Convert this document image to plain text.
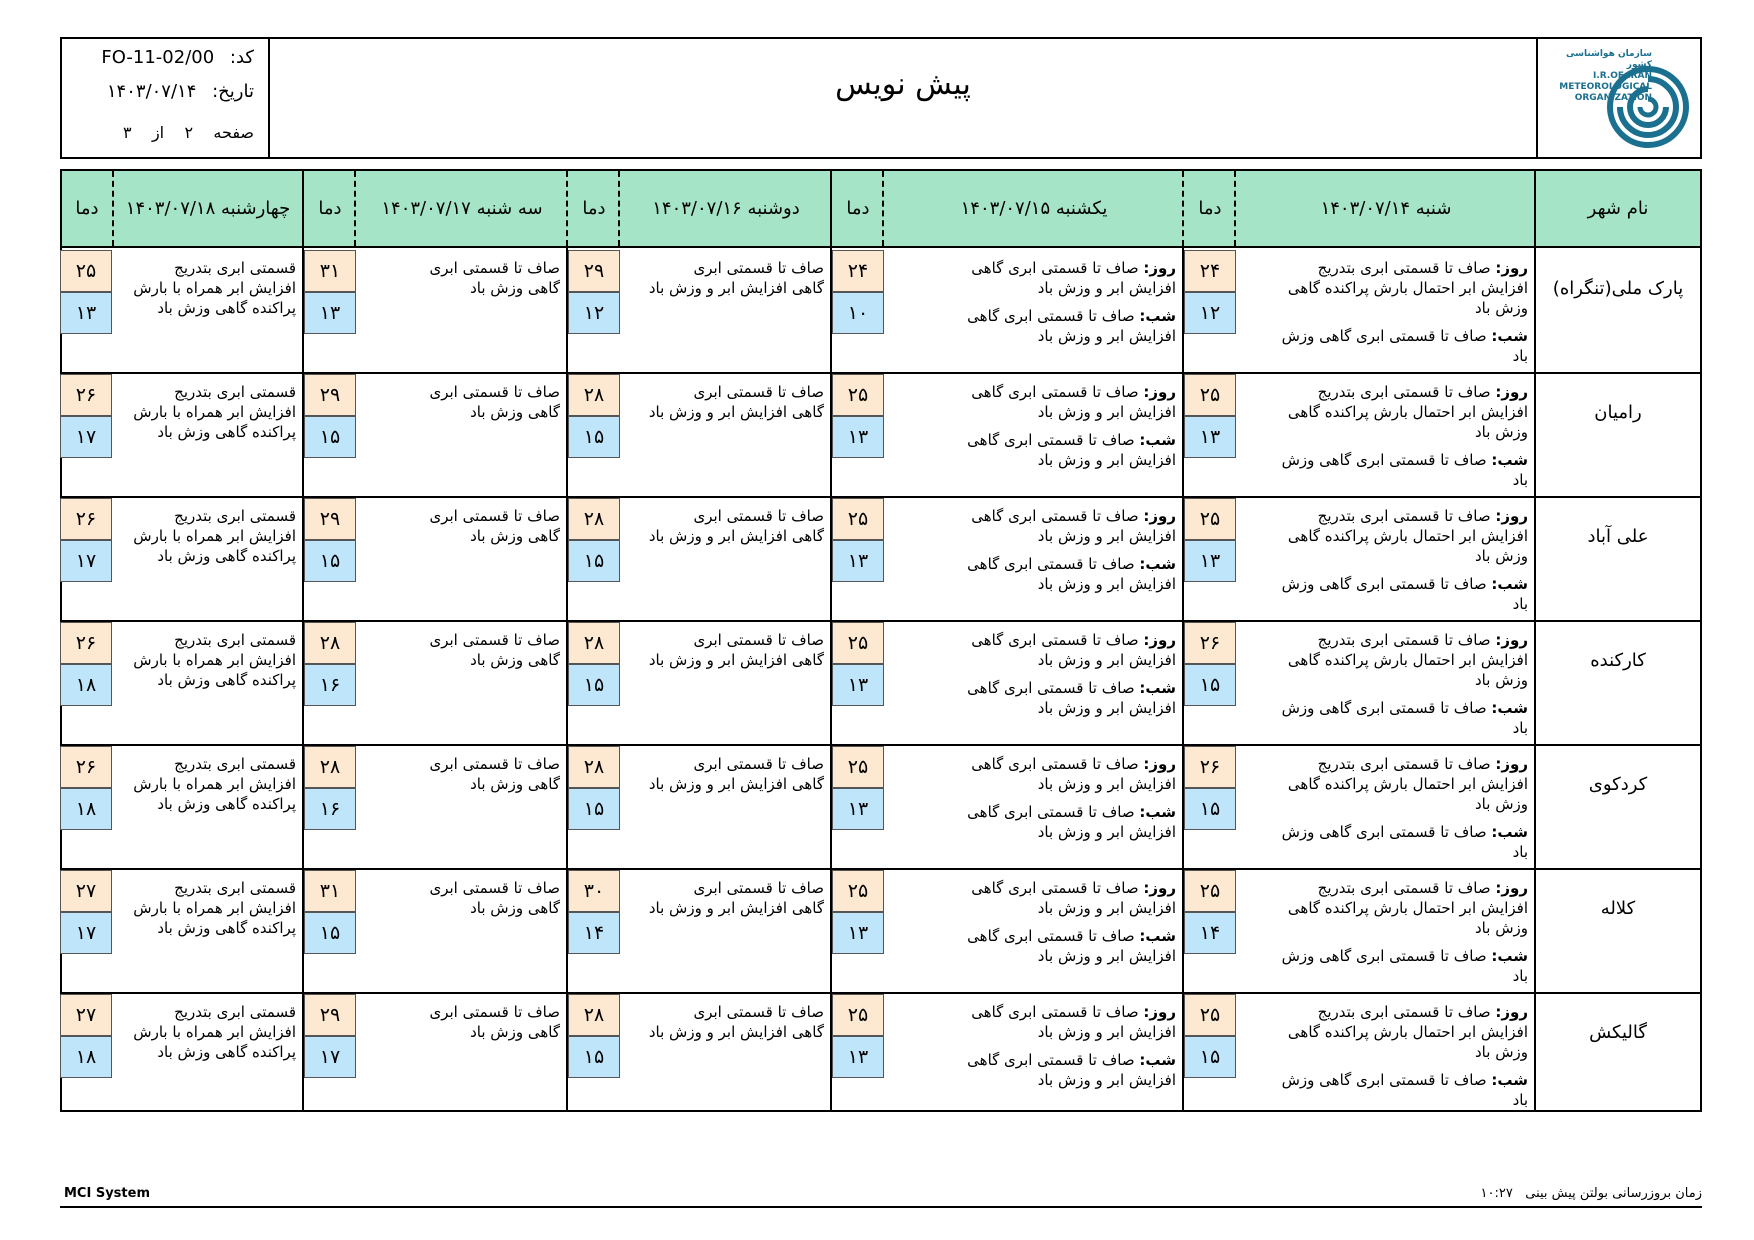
کد: FO-11-02/00
تاریخ: ۱۴۰۳/۰۷/۱۴
صفحه    ۲    از    ۳
پیش نویس
سازمان هواشناسی کشور
I.R.OF IRAN
METEOROLOGICAL
ORGANIZATION
نام شهر
شنبه ۱۴۰۳/۰۷/۱۴
دما
یکشنبه ۱۴۰۳/۰۷/۱۵
دما
دوشنبه ۱۴۰۳/۰۷/۱۶
دما
سه شنبه ۱۴۰۳/۰۷/۱۷
دما
چهارشنبه ۱۴۰۳/۰۷/۱۸
دما
پارک ملی(تنگراه)
روز: صاف تا قسمتی ابری بتدریج
افزایش ابر احتمال بارش پراکنده گاهی
وزش باد
شب: صاف تا قسمتی ابری گاهی وزش
باد
روز: صاف تا قسمتی ابری گاهی
افزایش ابر و وزش باد
شب: صاف تا قسمتی ابری گاهی
افزایش ابر و وزش باد
صاف تا قسمتی ابری
گاهی افزایش ابر و وزش باد
صاف تا قسمتی ابری
گاهی وزش باد
قسمتی ابری بتدریج
افزایش ابر همراه با بارش
پراکنده گاهی وزش باد
۲۴
۱۲
۲۴
۱۰
۲۹
۱۲
۳۱
۱۳
۲۵
۱۳
رامیان
روز: صاف تا قسمتی ابری بتدریج
افزایش ابر احتمال بارش پراکنده گاهی
وزش باد
شب: صاف تا قسمتی ابری گاهی وزش
باد
روز: صاف تا قسمتی ابری گاهی
افزایش ابر و وزش باد
شب: صاف تا قسمتی ابری گاهی
افزایش ابر و وزش باد
صاف تا قسمتی ابری
گاهی افزایش ابر و وزش باد
صاف تا قسمتی ابری
گاهی وزش باد
قسمتی ابری بتدریج
افزایش ابر همراه با بارش
پراکنده گاهی وزش باد
۲۵
۱۳
۲۵
۱۳
۲۸
۱۵
۲۹
۱۵
۲۶
۱۷
علی آباد
روز: صاف تا قسمتی ابری بتدریج
افزایش ابر احتمال بارش پراکنده گاهی
وزش باد
شب: صاف تا قسمتی ابری گاهی وزش
باد
روز: صاف تا قسمتی ابری گاهی
افزایش ابر و وزش باد
شب: صاف تا قسمتی ابری گاهی
افزایش ابر و وزش باد
صاف تا قسمتی ابری
گاهی افزایش ابر و وزش باد
صاف تا قسمتی ابری
گاهی وزش باد
قسمتی ابری بتدریج
افزایش ابر همراه با بارش
پراکنده گاهی وزش باد
۲۵
۱۳
۲۵
۱۳
۲۸
۱۵
۲۹
۱۵
۲۶
۱۷
کارکنده
روز: صاف تا قسمتی ابری بتدریج
افزایش ابر احتمال بارش پراکنده گاهی
وزش باد
شب: صاف تا قسمتی ابری گاهی وزش
باد
روز: صاف تا قسمتی ابری گاهی
افزایش ابر و وزش باد
شب: صاف تا قسمتی ابری گاهی
افزایش ابر و وزش باد
صاف تا قسمتی ابری
گاهی افزایش ابر و وزش باد
صاف تا قسمتی ابری
گاهی وزش باد
قسمتی ابری بتدریج
افزایش ابر همراه با بارش
پراکنده گاهی وزش باد
۲۶
۱۵
۲۵
۱۳
۲۸
۱۵
۲۸
۱۶
۲۶
۱۸
کردکوی
روز: صاف تا قسمتی ابری بتدریج
افزایش ابر احتمال بارش پراکنده گاهی
وزش باد
شب: صاف تا قسمتی ابری گاهی وزش
باد
روز: صاف تا قسمتی ابری گاهی
افزایش ابر و وزش باد
شب: صاف تا قسمتی ابری گاهی
افزایش ابر و وزش باد
صاف تا قسمتی ابری
گاهی افزایش ابر و وزش باد
صاف تا قسمتی ابری
گاهی وزش باد
قسمتی ابری بتدریج
افزایش ابر همراه با بارش
پراکنده گاهی وزش باد
۲۶
۱۵
۲۵
۱۳
۲۸
۱۵
۲۸
۱۶
۲۶
۱۸
کلاله
روز: صاف تا قسمتی ابری بتدریج
افزایش ابر احتمال بارش پراکنده گاهی
وزش باد
شب: صاف تا قسمتی ابری گاهی وزش
باد
روز: صاف تا قسمتی ابری گاهی
افزایش ابر و وزش باد
شب: صاف تا قسمتی ابری گاهی
افزایش ابر و وزش باد
صاف تا قسمتی ابری
گاهی افزایش ابر و وزش باد
صاف تا قسمتی ابری
گاهی وزش باد
قسمتی ابری بتدریج
افزایش ابر همراه با بارش
پراکنده گاهی وزش باد
۲۵
۱۴
۲۵
۱۳
۳۰
۱۴
۳۱
۱۵
۲۷
۱۷
گالیکش
روز: صاف تا قسمتی ابری بتدریج
افزایش ابر احتمال بارش پراکنده گاهی
وزش باد
شب: صاف تا قسمتی ابری گاهی وزش
باد
روز: صاف تا قسمتی ابری گاهی
افزایش ابر و وزش باد
شب: صاف تا قسمتی ابری گاهی
افزایش ابر و وزش باد
صاف تا قسمتی ابری
گاهی افزایش ابر و وزش باد
صاف تا قسمتی ابری
گاهی وزش باد
قسمتی ابری بتدریج
افزایش ابر همراه با بارش
پراکنده گاهی وزش باد
۲۵
۱۵
۲۵
۱۳
۲۸
۱۵
۲۹
۱۷
۲۷
۱۸
MCI System	زمان بروزرسانی بولتن پیش بینی   ۱۰:۲۷
